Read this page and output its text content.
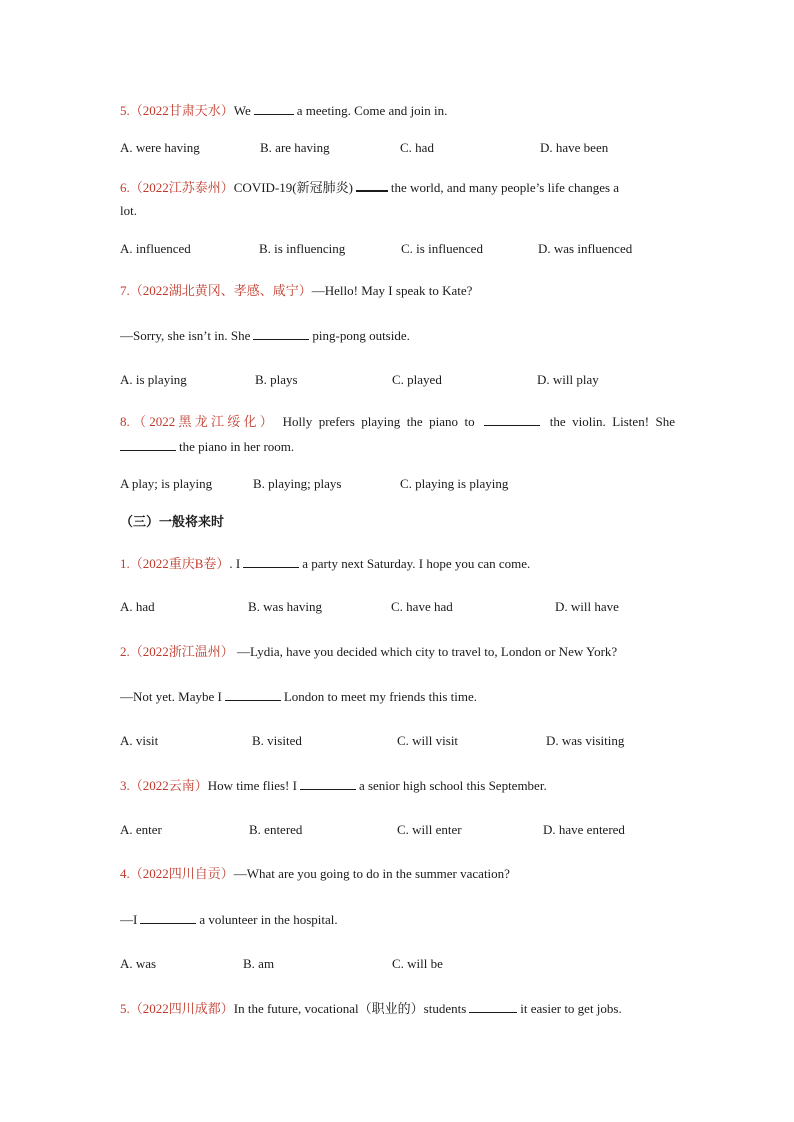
5.（2022甘肃天水）We	a meeting. Come and join in.
A. were having	B. are having	C. had	D. have been
6.（2022江苏泰州）COVID-19(新冠肺炎)	the world, and many people’s life changes a
lot.
A. influenced	B. is influencing	C. is influenced	D. was influenced
7.（2022湖北黄冈、孝感、咸宁）—Hello! May I speak to Kate?
—Sorry, she isn’t in. She	ping-pong outside.
A. is playing	B. plays	C. played	D. will play
8.（2022黑龙江绥化） Holly prefers playing the piano to	the violin. Listen! She
the piano in her room.
A play; is playing	B. playing; plays	C. playing is playing
（三）一般将来时
1.（2022重庆B卷）. I	a party next Saturday. I hope you can come.
A. had	B. was having	C. have had	D. will have
2.（2022浙江温州） —Lydia, have you decided which city to travel to, London or New York?
—Not yet. Maybe I	London to meet my friends this time.
A. visit	B. visited	C. will visit	D. was visiting
3.（2022云南）How time flies! I	a senior high school this September.
A. enter	B. entered	C. will enter	D. have entered
4.（2022四川自贡）—What are you going to do in the summer vacation?
—I	a volunteer in the hospital.
A. was	B. am	C. will be
5.（2022四川成都）In the future, vocational（职业的）students	it easier to get jobs.
